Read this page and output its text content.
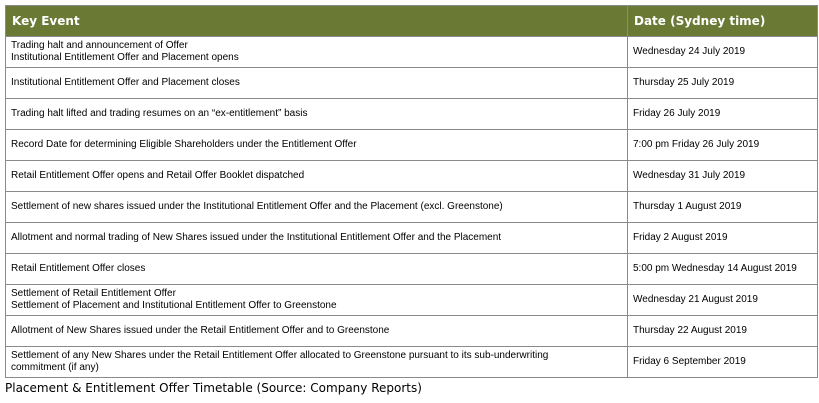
Key Event	Date (Sydney time)

Trading halt and announcement of Offer
Institutional Entitlement Offer and Placement opens	Wednesday 24 July 2019

Institutional Entitlement Offer and Placement closes	Thursday 25 July 2019

Trading halt lifted and trading resumes on an “ex-entitlement” basis	Friday 26 July 2019

Record Date for determining Eligible Shareholders under the Entitlement Offer	7:00 pm Friday 26 July 2019

Retail Entitlement Offer opens and Retail Offer Booklet dispatched	Wednesday 31 July 2019

Settlement of new shares issued under the Institutional Entitlement Offer and the Placement (excl. Greenstone)	Thursday 1 August 2019

Allotment and normal trading of New Shares issued under the Institutional Entitlement Offer and the Placement	Friday 2 August 2019

Retail Entitlement Offer closes	5:00 pm Wednesday 14 August 2019

Settlement of Retail Entitlement Offer
Settlement of Placement and Institutional Entitlement Offer to Greenstone	Wednesday 21 August 2019

Allotment of New Shares issued under the Retail Entitlement Offer and to Greenstone	Thursday 22 August 2019

Settlement of any New Shares under the Retail Entitlement Offer allocated to Greenstone pursuant to its sub-underwriting
commitment (if any)	Friday 6 September 2019
Placement & Entitlement Offer Timetable (Source: Company Reports)
